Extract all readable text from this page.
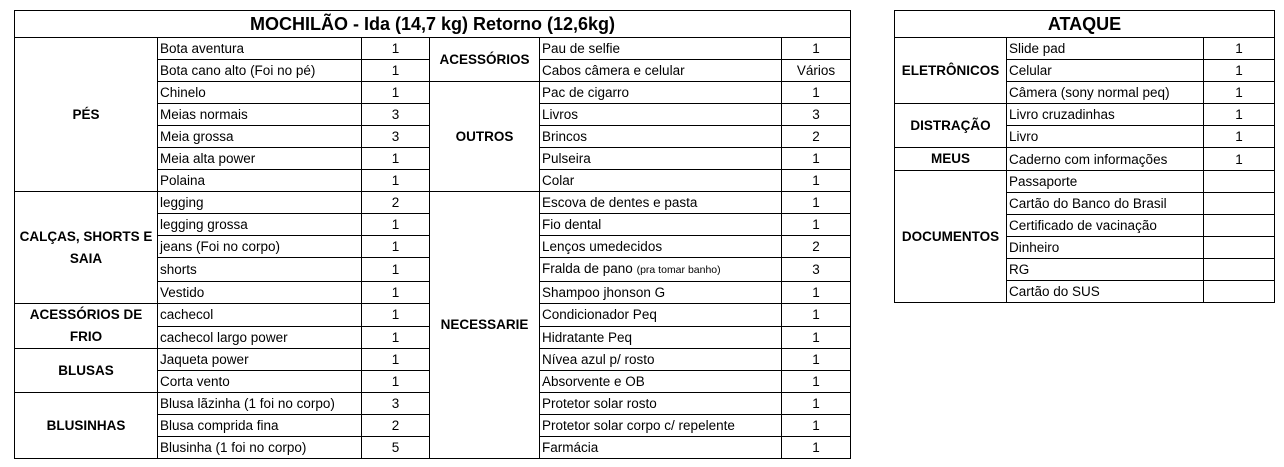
MOCHILÃO - Ida (14,7 kg) Retorno (12,6kg)					
PÉS	Bota aventura	1	ACESSÓRIOS	Pau de selfie	1
	Bota cano alto (Foi no pé)	1		Cabos câmera e celular	Vários
	Chinelo	1	OUTROS	Pac de cigarro	1
	Meias normais	3		Livros	3
	Meia grossa	3		Brincos	2
	Meia alta power	1		Pulseira	1
	Polaina	1		Colar	1
CALÇAS, SHORTS E SAIA	legging	2	NECESSARIE	Escova de dentes e pasta	1
	legging grossa	1		Fio dental	1
	jeans (Foi no corpo)	1		Lenços umedecidos	2
	shorts	1		Fralda de pano (pra tomar banho)	3
	Vestido	1		Shampoo jhonson G	1
ACESSÓRIOS DE FRIO	cachecol	1		Condicionador Peq	1
	cachecol largo power	1		Hidratante Peq	1
BLUSAS	Jaqueta power	1		Nívea azul p/ rosto	1
	Corta vento	1		Absorvente e OB	1
BLUSINHAS	Blusa lãzinha (1 foi no corpo)	3		Protetor solar rosto	1
	Blusa comprida fina	2		Protetor solar corpo c/ repelente	1
	Blusinha (1 foi no corpo)	5		Farmácia	1
ATAQUE		
ELETRÔNICOS	Slide pad	1
	Celular	1
	Câmera (sony normal peq)	1
DISTRAÇÃO	Livro cruzadinhas	1
	Livro	1
MEUS	Caderno com informações	1
DOCUMENTOS	Passaporte	
	Cartão do Banco do Brasil	
	Certificado de vacinação	
	Dinheiro	
	RG	
	Cartão do SUS	
